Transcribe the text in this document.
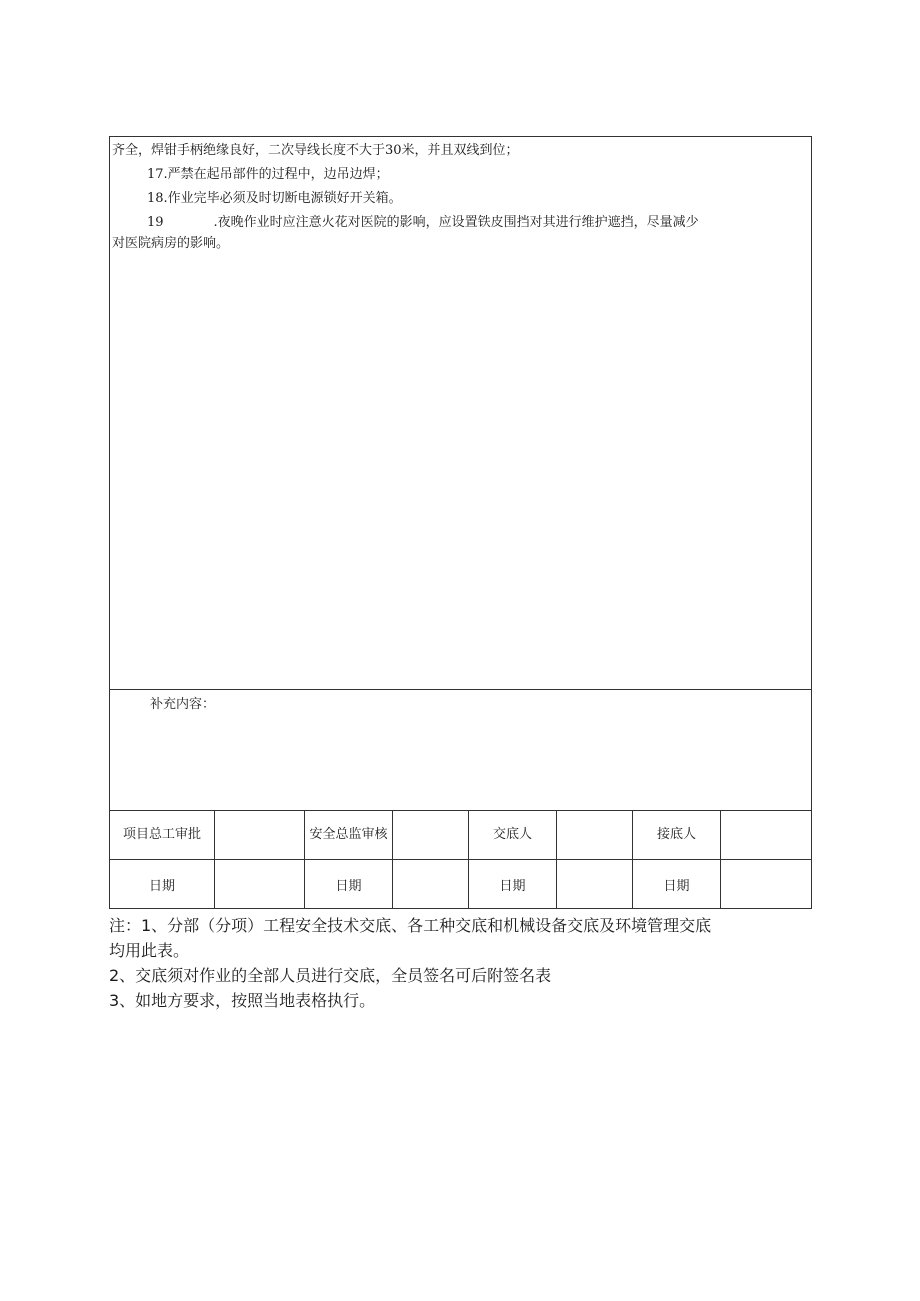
齐全，焊钳手柄绝缘良好，二次导线长度不大于30米，并且双线到位；

17.严禁在起吊部件的过程中，边吊边焊；

18.作业完毕必须及时切断电源锁好开关箱。

19 .夜晚作业时应注意火花对医院的影响，应设置铁皮围挡对其进行维护遮挡，尽量减少

对医院病房的影响。							

补充内容：							

项目总工审批		安全总监审核		交底人		接底人	
日期		日期		日期		日期	

注：1、分部（分项）工程安全技术交底、各工种交底和机械设备交底及环境管理交底

均用此表。

2、交底须对作业的全部人员进行交底，全员签名可后附签名表

3、如地方要求，按照当地表格执行。
